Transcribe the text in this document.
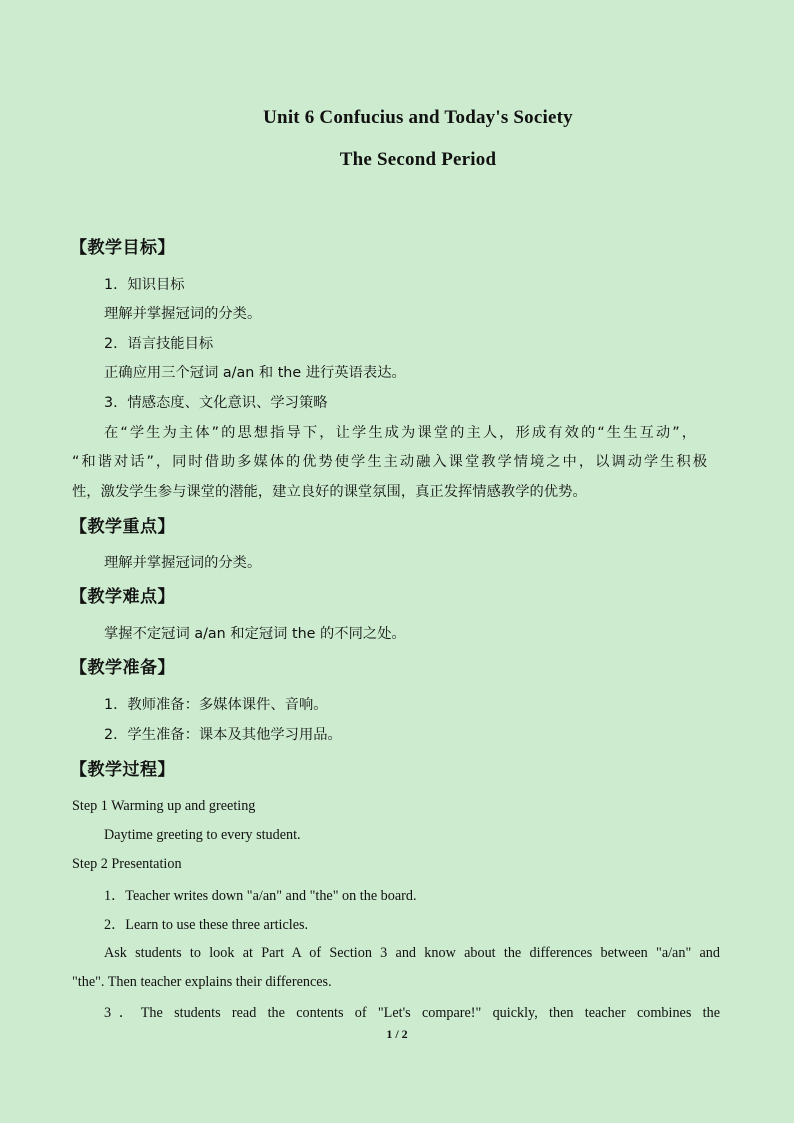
Unit 6 Confucius and Today's Society
The Second Period
【教学目标】
1．知识目标
理解并掌握冠词的分类。
2．语言技能目标
正确应用三个冠词 a/an 和 the 进行英语表达。
3．情感态度、文化意识、学习策略
在“学生为主体”的思想指导下，让学生成为课堂的主人，形成有效的“生生互动”，
“和谐对话”，同时借助多媒体的优势使学生主动融入课堂教学情境之中，以调动学生积极
性，激发学生参与课堂的潜能，建立良好的课堂氛围，真正发挥情感教学的优势。
【教学重点】
理解并掌握冠词的分类。
【教学难点】
掌握不定冠词 a/an 和定冠词 the 的不同之处。
【教学准备】
1．教师准备：多媒体课件、音响。
2．学生准备：课本及其他学习用品。
【教学过程】
Step 1 Warming up and greeting
Daytime greeting to every student.
Step 2 Presentation
1．Teacher writes down "a/an" and "the" on the board.
2．Learn to use these three articles.
Ask students to look at Part A of Section 3 and know about the differences between "a/an" and
"the". Then teacher explains their differences.
3．The students read the contents of "Let's compare!" quickly, then teacher combines the
1 / 2
